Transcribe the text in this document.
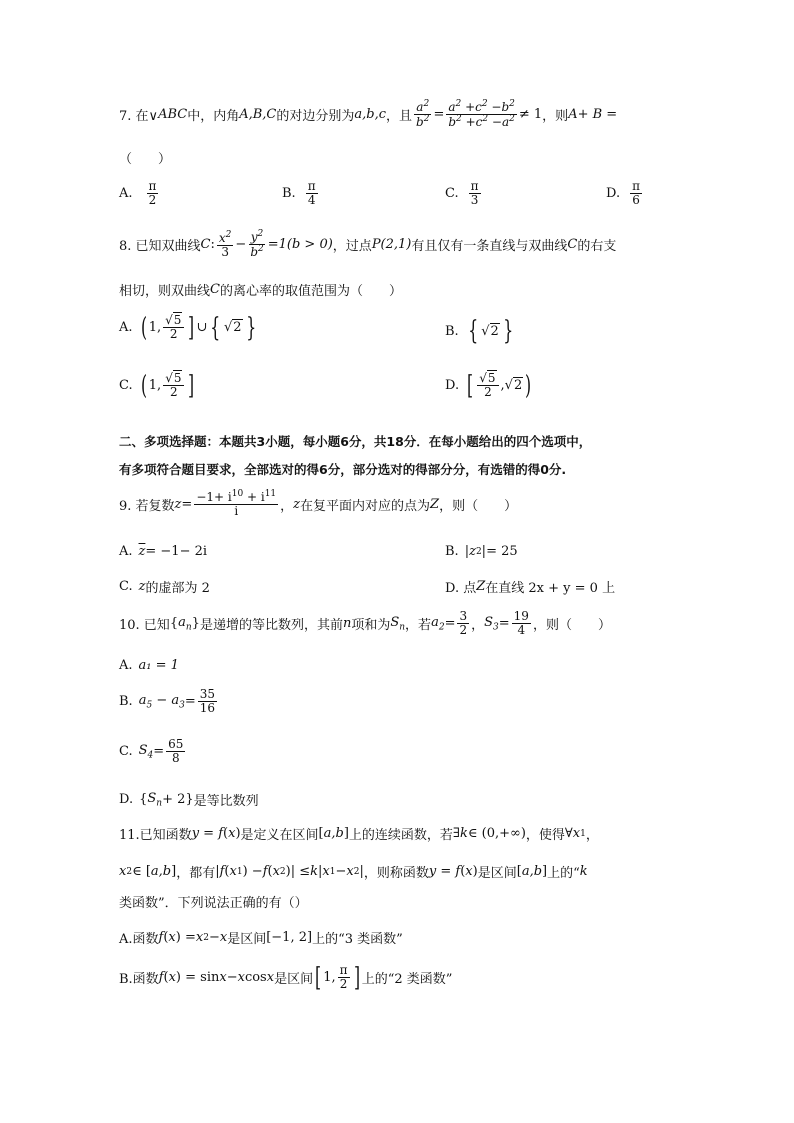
7. 在∨ ABC 中，内角 A,B,C 的对边分别为 a,b,c ，且 $\frac{a^2}{b^2} = \frac{a^2 +c^2 -b^2}{b^2 +c^2 -a^2} \ne 1$ ，则 A+ B =
（　　）
A. $\frac{\pi}{2}$	B. $\frac{\pi}{4}$	C. $\frac{\pi}{3}$	D. $\frac{\pi}{6}$
8. 已知双曲线 C : $\frac{x^2}{3} - \frac{y^2}{b^2} =1(b > 0)$ ，过点 P(2,1) 有且仅有一条直线与双曲线 C 的右支
相切，则双曲线 C 的离心率的取值范围为（　　）
A. ( 1, $\frac{√5}{2}$ ] ∪ { √2 }	B. { √2 }
C. ( 1, $\frac{√5}{2}$ ]	D. [ $\frac{√5}{2} ,√2$ )
二、多项选择题：本题共3小题，每小题6分，共18分．在每小题给出的四个选项中，
有多项符合题目要求，全部选对的得6分，部分选对的得部分分，有选错的得0分.
9. 若复数 $z = \frac{-1+ i^{10} + i^{11}}{i}$ ， z 在复平面内对应的点为 Z ，则（　　）
A. $\overline{z} = -1- 2i$	B. | z 2 | = 25
C. z 的虚部为 2	D. 点 Z 在直线 2x + y = 0 上
10. 已知 { $a_n$ } 是递增的等比数列，其前 n 项和为 $S_n$ ，若 $a_2 = \frac{3}{2}$ ， $S_3 = \frac{19}{4}$ ，则（　　）
A. a₁ = 1
B. $a_5 - a_3 = \frac{35}{16}$
C. $S_4 = \frac{65}{8}$
D. { $S_n + 2$} 是等比数列
11.已知函数 y = f ( x ) 是定义在区间 [ a,b ] 上的连续函数，若 ∃ k ∈ (0,+∞) ，使得 ∀ x 1 ，
x 2 ∈ [ a,b ] ，都有 | f ( x 1 ) − f ( x 2 )| ≤ k | x 1 − x 2 | ，则称函数 y = f ( x ) 是区间 [ a,b ] 上的“ k
类函数”．下列说法正确的有（）
A.函数 f ( x ) = x 2 − x 是区间 [−1, 2] 上的“3 类函数”
B.函数 f ( x ) = sin x − x cos x 是区间 [ 1, $\frac{\pi}{2}$ ] 上的“2 类函数”
